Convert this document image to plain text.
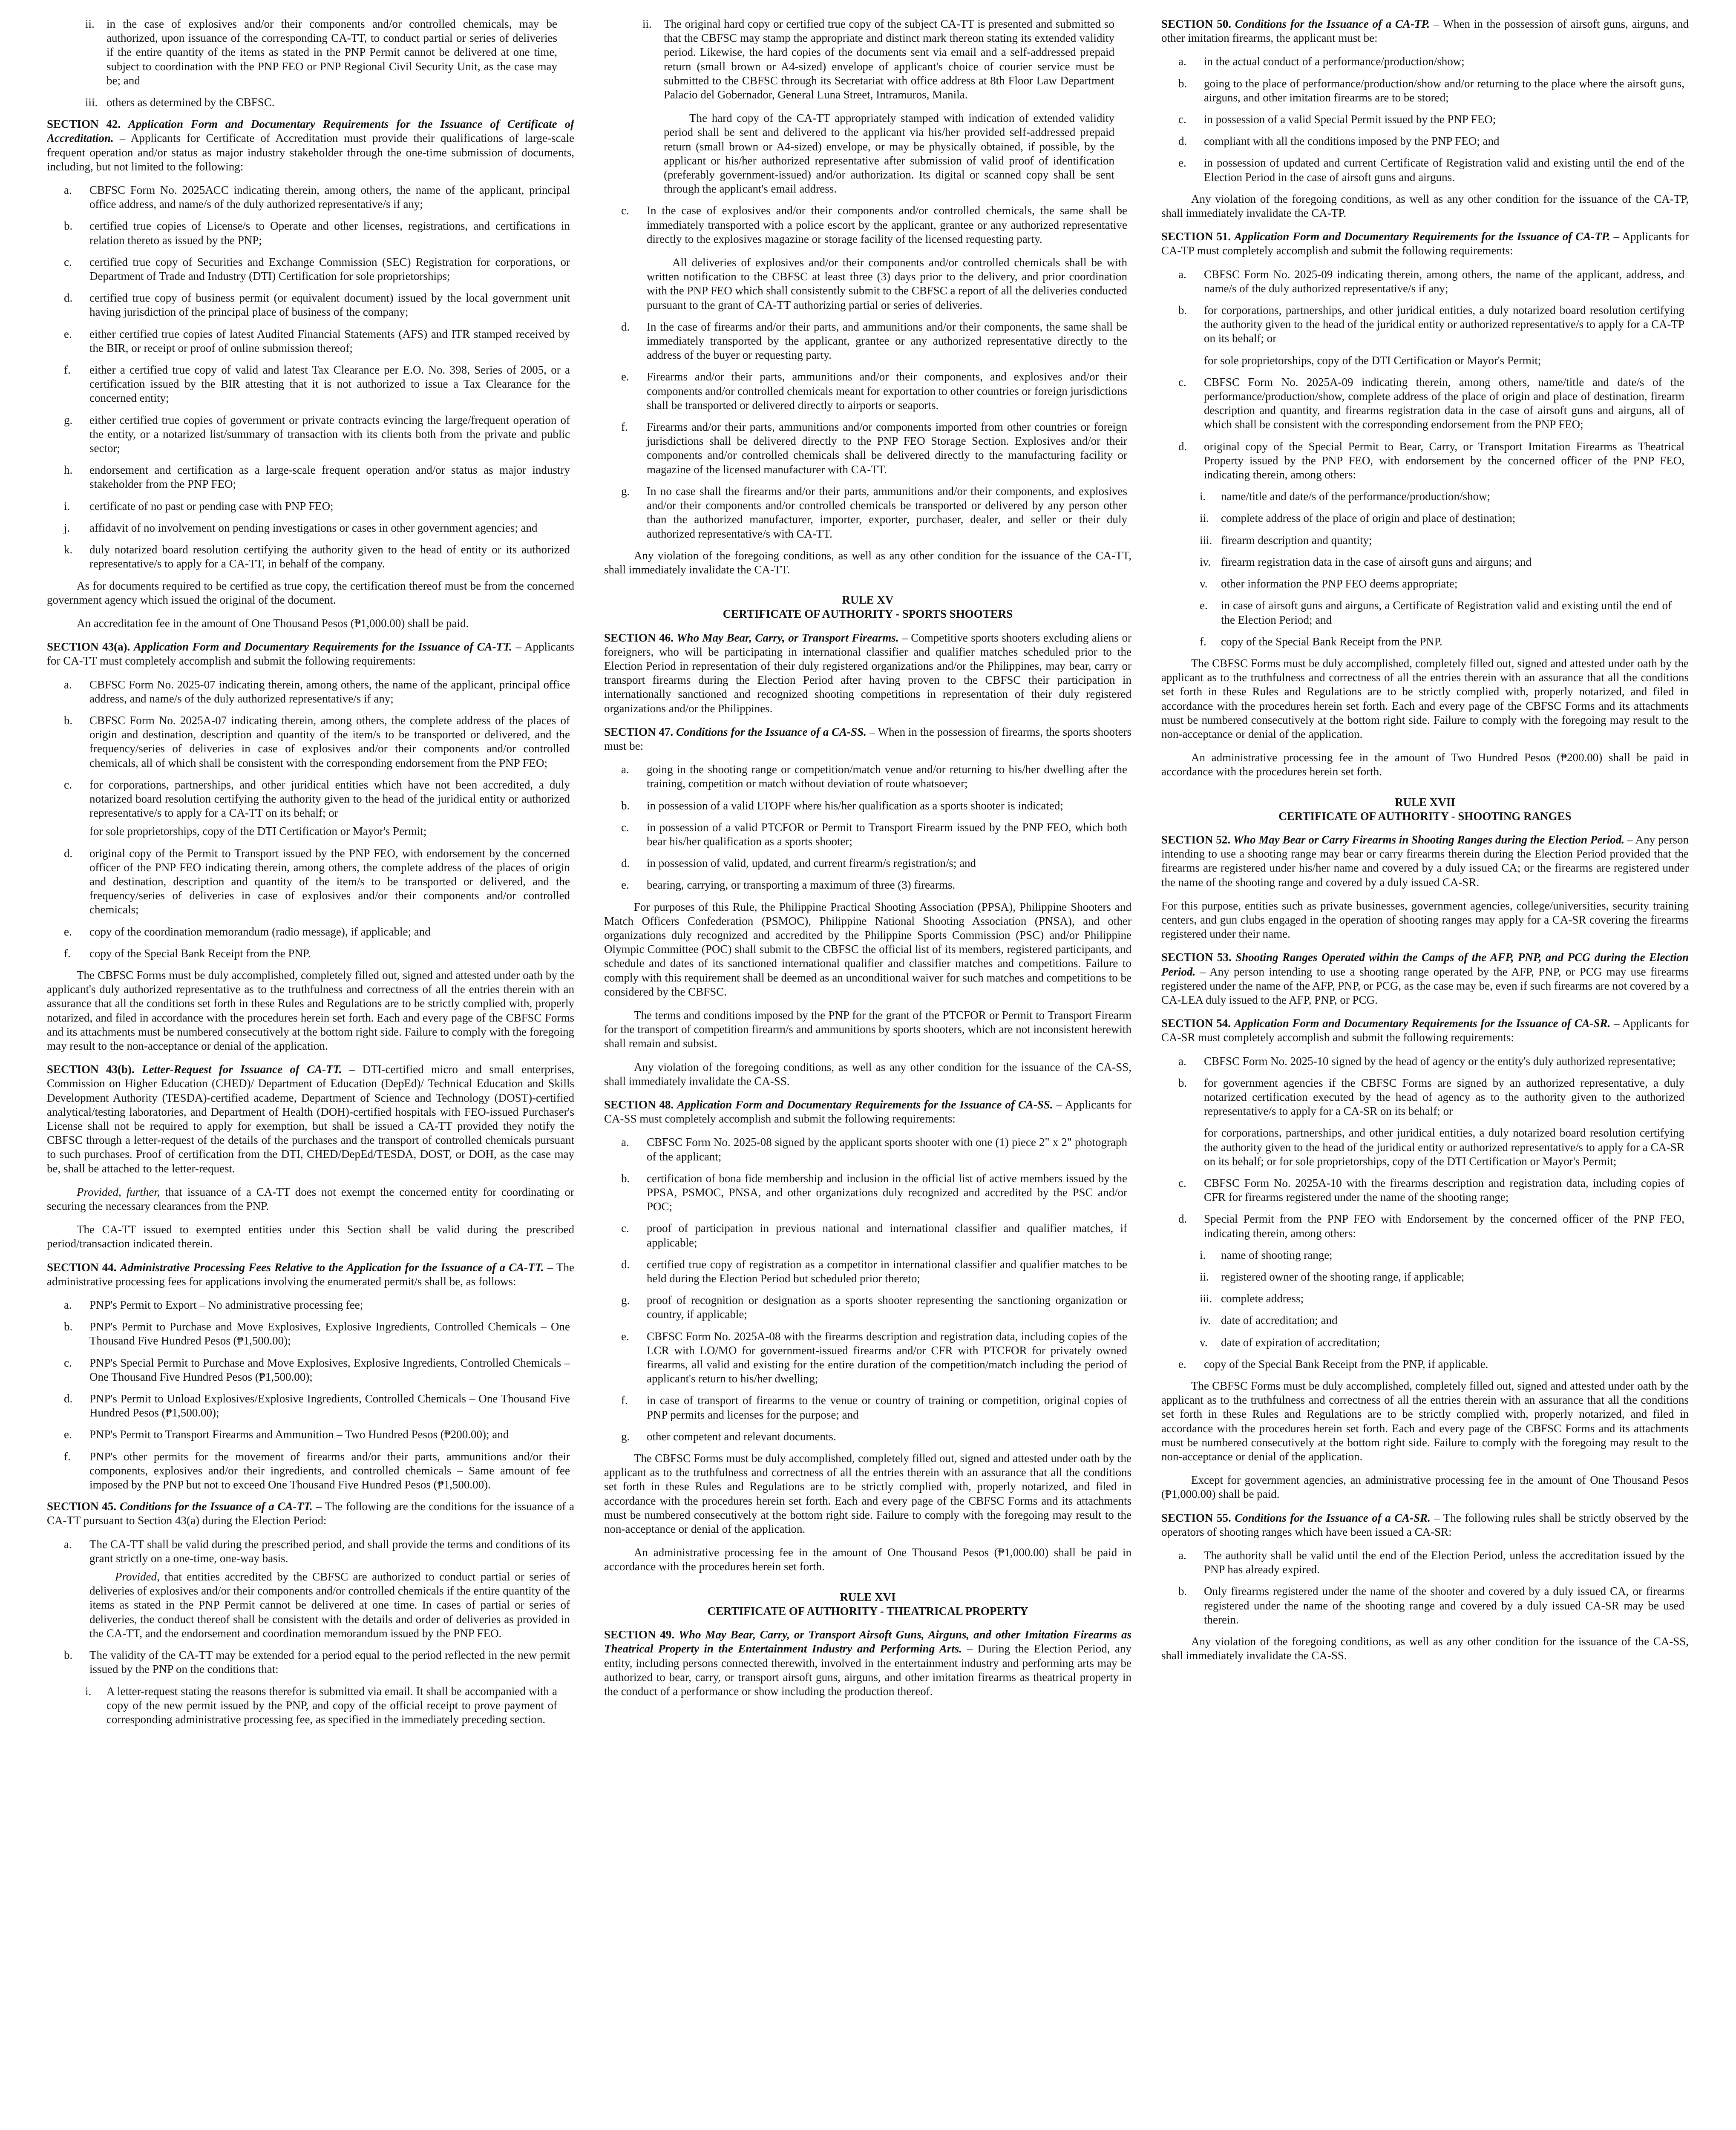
ii.	in the case of explosives and/or their components and/or controlled chemicals, may be authorized, upon issuance of the corresponding CA-TT, to conduct partial or series of deliveries if the entire quantity of the items as stated in the PNP Permit cannot be delivered at one time, subject to coordination with the PNP FEO or PNP Regional Civil Security Unit, as the case may be; and
iii. others as determined by the CBFSC.

SECTION 42. Application Form and Documentary Requirements for the Issuance of Certificate of Accreditation. – Applicants for Certificate of Accreditation must provide their qualifications of large-scale frequent operation and/or status as major industry stakeholder through the one-time submission of documents, including, but not limited to the following:

a.	CBFSC Form No. 2025ACC indicating therein, among others, the name of the applicant, principal office address, and name/s of the duly authorized representative/s if any;
b.	certified true copies of License/s to Operate and other licenses, registrations, and certifications in relation thereto as issued by the PNP;
c.	certified true copy of Securities and Exchange Commission (SEC) Registration for corporations, or Department of Trade and Industry (DTI) Certification for sole proprietorships;
d.	certified true copy of business permit (or equivalent document) issued by the local government unit having jurisdiction of the principal place of business of the company;
e.	either certified true copies of latest Audited Financial Statements (AFS) and ITR stamped received by the BIR, or receipt or proof of online submission thereof;
f.	either a certified true copy of valid and latest Tax Clearance per E.O. No. 398, Series of 2005, or a certification issued by the BIR attesting that it is not authorized to issue a Tax Clearance for the concerned entity;
g.	either certified true copies of government or private contracts evincing the large/frequent operation of the entity, or a notarized list/summary of transaction with its clients both from the private and public sector;
h.	endorsement and certification as a large-scale frequent operation and/or status as major industry stakeholder from the PNP FEO;
i.	certificate of no past or pending case with PNP FEO;
j.	affidavit of no involvement on pending investigations or cases in other government agencies; and
k.	duly notarized board resolution certifying the authority given to the head of entity or its authorized representative/s to apply for a CA-TT, in behalf of the company.

As for documents required to be certified as true copy, the certification thereof must be from the concerned government agency which issued the original of the document.

An accreditation fee in the amount of One Thousand Pesos (₱1,000.00) shall be paid.

SECTION 43(a). Application Form and Documentary Requirements for the Issuance of CA-TT. – Applicants for CA-TT must completely accomplish and submit the following requirements:

a.	CBFSC Form No. 2025-07 indicating therein, among others, the name of the applicant, principal office address, and name/s of the duly authorized representative/s if any;
b.	CBFSC Form No. 2025A-07 indicating therein, among others, the complete address of the places of origin and destination, description and quantity of the item/s to be transported or delivered, and the frequency/series of deliveries in case of explosives and/or their components and/or controlled chemicals, all of which shall be consistent with the corresponding endorsement from the PNP FEO;
c.	for corporations, partnerships, and other juridical entities which have not been accredited, a duly notarized board resolution certifying the authority given to the head of the juridical entity or authorized representative/s to apply for a CA-TT on its behalf; or
for sole proprietorships, copy of the DTI Certification or Mayor's Permit;
d.	original copy of the Permit to Transport issued by the PNP FEO, with endorsement by the concerned officer of the PNP FEO indicating therein, among others, the complete address of the places of origin and destination, description and quantity of the item/s to be transported or delivered, and the frequency/series of deliveries in case of explosives and/or their components and/or controlled chemicals;
e.	copy of the coordination memorandum (radio message), if applicable; and
f.	copy of the Special Bank Receipt from the PNP.

The CBFSC Forms must be duly accomplished, completely filled out, signed and attested under oath by the applicant's duly authorized representative as to the truthfulness and correctness of all the entries therein with an assurance that all the conditions set forth in these Rules and Regulations are to be strictly complied with, properly notarized, and filed in accordance with the procedures herein set forth. Each and every page of the CBFSC Forms and its attachments must be numbered consecutively at the bottom right side. Failure to comply with the foregoing may result to the non-acceptance or denial of the application.

SECTION 43(b). Letter-Request for Issuance of CA-TT. – DTI-certified micro and small enterprises, Commission on Higher Education (CHED)/ Department of Education (DepEd)/ Technical Education and Skills Development Authority (TESDA)-certified academe, Department of Science and Technology (DOST)-certified analytical/testing laboratories, and Department of Health (DOH)-certified hospitals with FEO-issued Purchaser's License shall not be required to apply for exemption, but shall be issued a CA-TT provided they notify the CBFSC through a letter-request of the details of the purchases and the transport of controlled chemicals pursuant to such purchases. Proof of certification from the DTI, CHED/DepEd/TESDA, DOST, or DOH, as the case may be, shall be attached to the letter-request.

Provided, further, that issuance of a CA-TT does not exempt the concerned entity for coordinating or securing the necessary clearances from the PNP.

The CA-TT issued to exempted entities under this Section shall be valid during the prescribed period/transaction indicated therein.

SECTION 44. Administrative Processing Fees Relative to the Application for the Issuance of a CA-TT. – The administrative processing fees for applications involving the enumerated permit/s shall be, as follows:

a.	PNP's Permit to Export – No administrative processing fee;
b.	PNP's Permit to Purchase and Move Explosives, Explosive Ingredients, Controlled Chemicals – One Thousand Five Hundred Pesos (₱1,500.00);
c.	PNP's Special Permit to Purchase and Move Explosives, Explosive Ingredients, Controlled Chemicals – One Thousand Five Hundred Pesos (₱1,500.00);
d.	PNP's Permit to Unload Explosives/Explosive Ingredients, Controlled Chemicals – One Thousand Five Hundred Pesos (₱1,500.00);
e.	PNP's Permit to Transport Firearms and Ammunition – Two Hundred Pesos (₱200.00); and
f.	PNP's other permits for the movement of firearms and/or their parts, ammunitions and/or their components, explosives and/or their ingredients, and controlled chemicals – Same amount of fee imposed by the PNP but not to exceed One Thousand Five Hundred Pesos (₱1,500.00).

SECTION 45. Conditions for the Issuance of a CA-TT. – The following are the conditions for the issuance of a CA-TT pursuant to Section 43(a) during the Election Period:

a.	The CA-TT shall be valid during the prescribed period, and shall provide the terms and conditions of its grant strictly on a one-time, one-way basis.
Provided, that entities accredited by the CBFSC are authorized to conduct partial or series of deliveries of explosives and/or their components and/or controlled chemicals if the entire quantity of the items as stated in the PNP Permit cannot be delivered at one time. In cases of partial or series of deliveries, the conduct thereof shall be consistent with the details and order of deliveries as provided in the CA-TT, and the endorsement and coordination memorandum issued by the PNP FEO.
b.	The validity of the CA-TT may be extended for a period equal to the period reflected in the new permit issued by the PNP on the conditions that:
i.	A letter-request stating the reasons therefor is submitted via email. It shall be accompanied with a copy of the new permit issued by the PNP, and copy of the official receipt to prove payment of corresponding administrative processing fee, as specified in the immediately preceding section.
ii.	The original hard copy or certified true copy of the subject CA-TT is presented and submitted so that the CBFSC may stamp the appropriate and distinct mark thereon stating its extended validity period. Likewise, the hard copies of the documents sent via email and a self-addressed prepaid return (small brown or A4-sized) envelope of applicant's choice of courier service must be submitted to the CBFSC through its Secretariat with office address at 8th Floor Law Department Palacio del Gobernador, General Luna Street, Intramuros, Manila.
The hard copy of the CA-TT appropriately stamped with indication of extended validity period shall be sent and delivered to the applicant via his/her provided self-addressed prepaid return (small brown or A4-sized) envelope, or may be physically obtained, if possible, by the applicant or his/her authorized representative after submission of valid proof of identification (preferably government-issued) and/or authorization. Its digital or scanned copy shall be sent through the applicant's email address.
c.	In the case of explosives and/or their components and/or controlled chemicals, the same shall be immediately transported with a police escort by the applicant, grantee or any authorized representative directly to the explosives magazine or storage facility of the licensed requesting party.
All deliveries of explosives and/or their components and/or controlled chemicals shall be with written notification to the CBFSC at least three (3) days prior to the delivery, and prior coordination with the PNP FEO which shall consistently submit to the CBFSC a report of all the deliveries conducted pursuant to the grant of CA-TT authorizing partial or series of deliveries.
d.	In the case of firearms and/or their parts, and ammunitions and/or their components, the same shall be immediately transported by the applicant, grantee or any authorized representative directly to the address of the buyer or requesting party.
e.	Firearms and/or their parts, ammunitions and/or their components, and explosives and/or their components and/or controlled chemicals meant for exportation to other countries or foreign jurisdictions shall be transported or delivered directly to airports or seaports.
f.	Firearms and/or their parts, ammunitions and/or components imported from other countries or foreign jurisdictions shall be delivered directly to the PNP FEO Storage Section. Explosives and/or their components and/or controlled chemicals shall be delivered directly to the manufacturing facility or magazine of the licensed manufacturer with CA-TT.
g.	In no case shall the firearms and/or their parts, ammunitions and/or their components, and explosives and/or their components and/or controlled chemicals be transported or delivered by any person other than the authorized manufacturer, importer, exporter, purchaser, dealer, and seller or their duly authorized representative/s with CA-TT.

Any violation of the foregoing conditions, as well as any other condition for the issuance of the CA-TT, shall immediately invalidate the CA-TT.

RULE XV
CERTIFICATE OF AUTHORITY - SPORTS SHOOTERS

SECTION 46. Who May Bear, Carry, or Transport Firearms. – Competitive sports shooters excluding aliens or foreigners, who will be participating in international classifier and qualifier matches scheduled prior to the Election Period in representation of their duly registered organizations and/or the Philippines, may bear, carry or transport firearms during the Election Period after having proven to the CBFSC their participation in internationally sanctioned and recognized shooting competitions in representation of their duly registered organizations and/or the Philippines.

SECTION 47. Conditions for the Issuance of a CA-SS. – When in the possession of firearms, the sports shooters must be:

a.	going in the shooting range or competition/match venue and/or returning to his/her dwelling after the training, competition or match without deviation of route whatsoever;
b.	in possession of a valid LTOPF where his/her qualification as a sports shooter is indicated;
c.	in possession of a valid PTCFOR or Permit to Transport Firearm issued by the PNP FEO, which both bear his/her qualification as a sports shooter;
d.	in possession of valid, updated, and current firearm/s registration/s; and
e.	bearing, carrying, or transporting a maximum of three (3) firearms.

For purposes of this Rule, the Philippine Practical Shooting Association (PPSA), Philippine Shooters and Match Officers Confederation (PSMOC), Philippine National Shooting Association (PNSA), and other organizations duly recognized and accredited by the Philippine Sports Commission (PSC) and/or Philippine Olympic Committee (POC) shall submit to the CBFSC the official list of its members, registered participants, and schedule and dates of its sanctioned international qualifier and classifier matches and competitions. Failure to comply with this requirement shall be deemed as an unconditional waiver for such matches and competitions to be considered by the CBFSC.

The terms and conditions imposed by the PNP for the grant of the PTCFOR or Permit to Transport Firearm for the transport of competition firearm/s and ammunitions by sports shooters, which are not inconsistent herewith shall remain and subsist.

Any violation of the foregoing conditions, as well as any other condition for the issuance of the CA-SS, shall immediately invalidate the CA-SS.

SECTION 48. Application Form and Documentary Requirements for the Issuance of CA-SS. – Applicants for CA-SS must completely accomplish and submit the following requirements:

a.	CBFSC Form No. 2025-08 signed by the applicant sports shooter with one (1) piece 2" x 2" photograph of the applicant;
b.	certification of bona fide membership and inclusion in the official list of active members issued by the PPSA, PSMOC, PNSA, and other organizations duly recognized and accredited by the PSC and/or POC;
c.	proof of participation in previous national and international classifier and qualifier matches, if applicable;
d.	certified true copy of registration as a competitor in international classifier and qualifier matches to be held during the Election Period but scheduled prior thereto;
g.	proof of recognition or designation as a sports shooter representing the sanctioning organization or country, if applicable;
e.	CBFSC Form No. 2025A-08 with the firearms description and registration data, including copies of the LCR with LO/MO for government-issued firearms and/or CFR with PTCFOR for privately owned firearms, all valid and existing for the entire duration of the competition/match including the period of applicant's return to his/her dwelling;
f.	in case of transport of firearms to the venue or country of training or competition, original copies of PNP permits and licenses for the purpose; and
g.	other competent and relevant documents.

The CBFSC Forms must be duly accomplished, completely filled out, signed and attested under oath by the applicant as to the truthfulness and correctness of all the entries therein with an assurance that all the conditions set forth in these Rules and Regulations are to be strictly complied with, properly notarized, and filed in accordance with the procedures herein set forth. Each and every page of the CBFSC Forms and its attachments must be numbered consecutively at the bottom right side. Failure to comply with the foregoing may result to the non-acceptance or denial of the application.

An administrative processing fee in the amount of One Thousand Pesos (₱1,000.00) shall be paid in accordance with the procedures herein set forth.

RULE XVI
CERTIFICATE OF AUTHORITY - THEATRICAL PROPERTY

SECTION 49. Who May Bear, Carry, or Transport Airsoft Guns, Airguns, and other Imitation Firearms as Theatrical Property in the Entertainment Industry and Performing Arts. – During the Election Period, any entity, including persons connected therewith, involved in the entertainment industry and performing arts may be authorized to bear, carry, or transport airsoft guns, airguns, and other imitation firearms as theatrical property in the conduct of a performance or show including the production thereof.

SECTION 50. Conditions for the Issuance of a CA-TP. – When in the possession of airsoft guns, airguns, and other imitation firearms, the applicant must be:

a.	in the actual conduct of a performance/production/show;
b.	going to the place of performance/production/show and/or returning to the place where the airsoft guns, airguns, and other imitation firearms are to be stored;
c.	in possession of a valid Special Permit issued by the PNP FEO;
d.	compliant with all the conditions imposed by the PNP FEO; and
e.	in possession of updated and current Certificate of Registration valid and existing until the end of the Election Period in the case of airsoft guns and airguns.

Any violation of the foregoing conditions, as well as any other condition for the issuance of the CA-TP, shall immediately invalidate the CA-TP.

SECTION 51. Application Form and Documentary Requirements for the Issuance of CA-TP. – Applicants for CA-TP must completely accomplish and submit the following requirements:

a.	CBFSC Form No. 2025-09 indicating therein, among others, the name of the applicant, address, and name/s of the duly authorized representative/s if any;
b.	for corporations, partnerships, and other juridical entities, a duly notarized board resolution certifying the authority given to the head of the juridical entity or authorized representative/s to apply for a CA-TP on its behalf; or
for sole proprietorships, copy of the DTI Certification or Mayor's Permit;
c.	CBFSC Form No. 2025A-09 indicating therein, among others, name/title and date/s of the performance/production/show, complete address of the place of origin and place of destination, firearm description and quantity, and firearms registration data in the case of airsoft guns and airguns, all of which shall be consistent with the corresponding endorsement from the PNP FEO;
d.	original copy of the Special Permit to Bear, Carry, or Transport Imitation Firearms as Theatrical Property issued by the PNP FEO, with endorsement by the concerned officer of the PNP FEO, indicating therein, among others:
i.	name/title and date/s of the performance/production/show;
ii.	complete address of the place of origin and place of destination;
iii. firearm description and quantity;
iv. firearm registration data in the case of airsoft guns and airguns; and
v.	other information the PNP FEO deems appropriate;
e.	in case of airsoft guns and airguns, a Certificate of Registration valid and existing until the end of the Election Period; and
f.	copy of the Special Bank Receipt from the PNP.

The CBFSC Forms must be duly accomplished, completely filled out, signed and attested under oath by the applicant as to the truthfulness and correctness of all the entries therein with an assurance that all the conditions set forth in these Rules and Regulations are to be strictly complied with, properly notarized, and filed in accordance with the procedures herein set forth. Each and every page of the CBFSC Forms and its attachments must be numbered consecutively at the bottom right side. Failure to comply with the foregoing may result to the non-acceptance or denial of the application.

An administrative processing fee in the amount of Two Hundred Pesos (₱200.00) shall be paid in accordance with the procedures herein set forth.

RULE XVII
CERTIFICATE OF AUTHORITY - SHOOTING RANGES

SECTION 52. Who May Bear or Carry Firearms in Shooting Ranges during the Election Period. – Any person intending to use a shooting range may bear or carry firearms therein during the Election Period provided that the firearms are registered under his/her name and covered by a duly issued CA; or the firearms are registered under the name of the shooting range and covered by a duly issued CA-SR.

For this purpose, entities such as private businesses, government agencies, college/universities, security training centers, and gun clubs engaged in the operation of shooting ranges may apply for a CA-SR covering the firearms registered under their name.

SECTION 53. Shooting Ranges Operated within the Camps of the AFP, PNP, and PCG during the Election Period. – Any person intending to use a shooting range operated by the AFP, PNP, or PCG may use firearms registered under the name of the AFP, PNP, or PCG, as the case may be, even if such firearms are not covered by a CA-LEA duly issued to the AFP, PNP, or PCG.

SECTION 54. Application Form and Documentary Requirements for the Issuance of CA-SR. – Applicants for CA-SR must completely accomplish and submit the following requirements:

a.	CBFSC Form No. 2025-10 signed by the head of agency or the entity's duly authorized representative;
b.	for government agencies if the CBFSC Forms are signed by an authorized representative, a duly notarized certification executed by the head of agency as to the authority given to the authorized representative/s to apply for a CA-SR on its behalf; or
for corporations, partnerships, and other juridical entities, a duly notarized board resolution certifying the authority given to the head of the juridical entity or authorized representative/s to apply for a CA-SR on its behalf; or for sole proprietorships, copy of the DTI Certification or Mayor's Permit;
c.	CBFSC Form No. 2025A-10 with the firearms description and registration data, including copies of CFR for firearms registered under the name of the shooting range;
d.	Special Permit from the PNP FEO with Endorsement by the concerned officer of the PNP FEO, indicating therein, among others:
i.	name of shooting range;
ii.	registered owner of the shooting range, if applicable;
iii. complete address;
iv. date of accreditation; and
v.	date of expiration of accreditation;
e.	copy of the Special Bank Receipt from the PNP, if applicable.

The CBFSC Forms must be duly accomplished, completely filled out, signed and attested under oath by the applicant as to the truthfulness and correctness of all the entries therein with an assurance that all the conditions set forth in these Rules and Regulations are to be strictly complied with, properly notarized, and filed in accordance with the procedures herein set forth. Each and every page of the CBFSC Forms and its attachments must be numbered consecutively at the bottom right side. Failure to comply with the foregoing may result to the non-acceptance or denial of the application.

Except for government agencies, an administrative processing fee in the amount of One Thousand Pesos (₱1,000.00) shall be paid.

SECTION 55. Conditions for the Issuance of a CA-SR. – The following rules shall be strictly observed by the operators of shooting ranges which have been issued a CA-SR:

a.	The authority shall be valid until the end of the Election Period, unless the accreditation issued by the PNP has already expired.
b.	Only firearms registered under the name of the shooter and covered by a duly issued CA, or firearms registered under the name of the shooting range and covered by a duly issued CA-SR may be used therein.

Any violation of the foregoing conditions, as well as any other condition for the issuance of the CA-SS, shall immediately invalidate the CA-SS.
